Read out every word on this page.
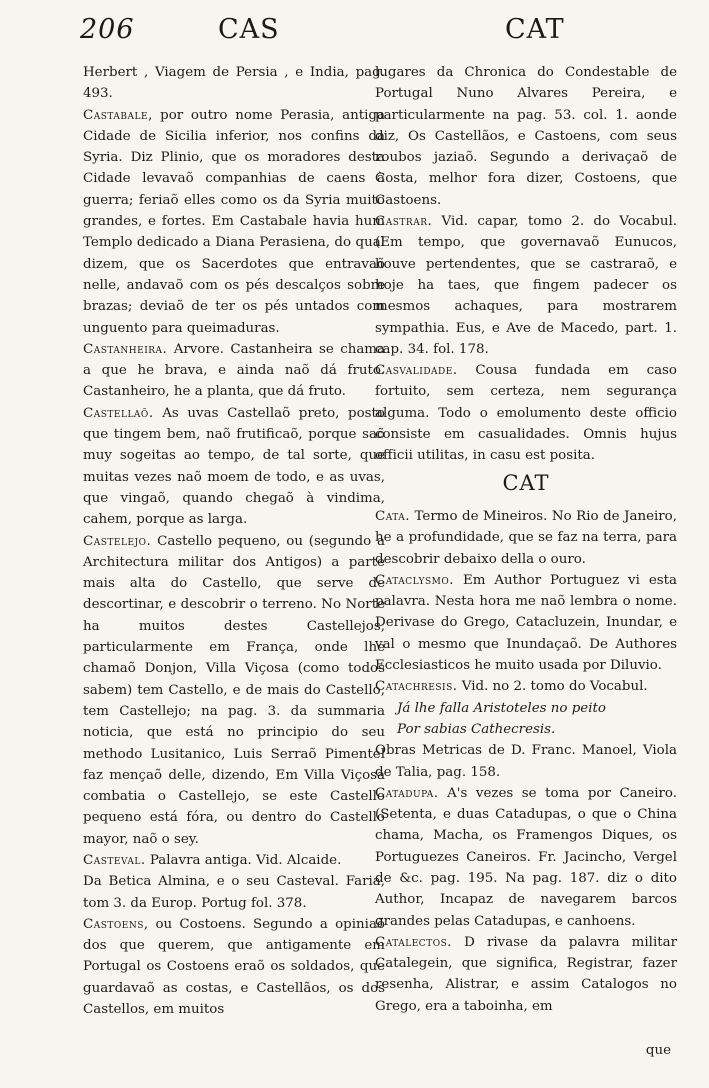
206	CAS	CAT

Herbert , Viagem de Persia , e India, pag. 493.

Castabale, por outro nome Perasia, antiga Cidade de Sicilia inferior, nos confins da Syria. Diz Plinio, que os moradores desta Cidade levavaõ companhias de caens à guerra; feriaõ elles como os da Syria muito grandes, e fortes. Em Castabale havia hum Templo dedicado a Diana Perasiena, do qual dizem, que os Sacerdotes que entravaõ nelle, andavaõ com os pés descalços sobre brazas; deviaõ de ter os pés untados com unguento para queimaduras.

Castanheira. Arvore. Castanheira se chama a que he brava, e ainda naõ dá fruto. Castanheiro, he a planta, que dá fruto.

Castellaõ. As uvas Castellaõ preto, posto que tingem bem, naõ frutificaõ, porque saõ muy sogeitas ao tempo, de tal sorte, que muitas vezes naõ moem de todo, e as uvas, que vingaõ, quando chegaõ à vindima, cahem, porque as larga.

Castelejo. Castello pequeno, ou (segundo a Architectura militar dos Antigos) a parte mais alta do Castello, que serve de descortinar, e descobrir o terreno. No Norte ha muitos destes Castellejos, particularmente em França, onde lhe chamaõ Donjon, Villa Viçosa (como todos sabem) tem Castello, e de mais do Castello, tem Castellejo; na pag. 3. da summaria noticia, que está no principio do seu methodo Lusitanico, Luis Serraõ Pimentel faz mençaõ delle, dizendo, Em Villa Viçosa combatia o Castellejo, se este Castello pequeno está fóra, ou dentro do Castello mayor, naõ o sey.

Casteval. Palavra antiga. Vid. Alcaide.

Da Betica Almina, e o seu Casteval. Faria, tom 3. da Europ. Portug fol. 378.

Castoens, ou Costoens. Segundo a opiniaõ dos que querem, que antigamente em Portugal os Costoens eraõ os soldados, que guardavaõ as costas, e Castellãos, os dos Castellos, em muitos

lugares da Chronica do Condestable de Portugal Nuno Alvares Pereira, e particularmente na pag. 53. col. 1. aonde diz, Os Castellãos, e Castoens, com seus roubos jaziaõ. Segundo a derivaçaõ de Costa, melhor fora dizer, Costoens, que Castoens.

Castrar. Vid. capar, tomo 2. do Vocabul. (Em tempo, que governavaõ Eunucos, houve pertendentes, que se castraraõ, e hoje ha taes, que fingem padecer os mesmos achaques, para mostrarem sympathia. Eus, e Ave de Macedo, part. 1. cap. 34. fol. 178.

Casvalidade. Cousa fundada em caso fortuito, sem certeza, nem segurança alguma. Todo o emolumento deste officio consiste em casualidades. Omnis hujus officii utilitas, in casu est posita.

CAT

Cata. Termo de Mineiros. No Rio de Janeiro, he a profundidade, que se faz na terra, para descobrir debaixo della o ouro.

Cataclysmo. Em Author Portuguez vi esta palavra. Nesta hora me naõ lembra o nome. Derivase do Grego, Catacluzein, Inundar, e val o mesmo que Inundaçaõ. De Authores Ecclesiasticos he muito usada por Diluvio.

Catachresis. Vid. no 2. tomo do Vocabul.

Já lhe falla Aristoteles no peito
Por sabias Cathecresis.

Obras Metricas de D. Franc. Manoel, Viola de Talia, pag. 158.

Catadupa. A's vezes se toma por Caneiro. (Setenta, e duas Catadupas, o que o China chama, Macha, os Framengos Diques, os Portuguezes Caneiros. Fr. Jacincho, Vergel de &c. pag. 195. Na pag. 187. diz o dito Author, Incapaz de navegarem barcos grandes pelas Catadupas, e canhoens.

Catalectos. D rivase da palavra militar Catalegein, que significa, Registrar, fazer resenha, Alistrar, e assim Catalogos no Grego, era a taboinha, em

que
